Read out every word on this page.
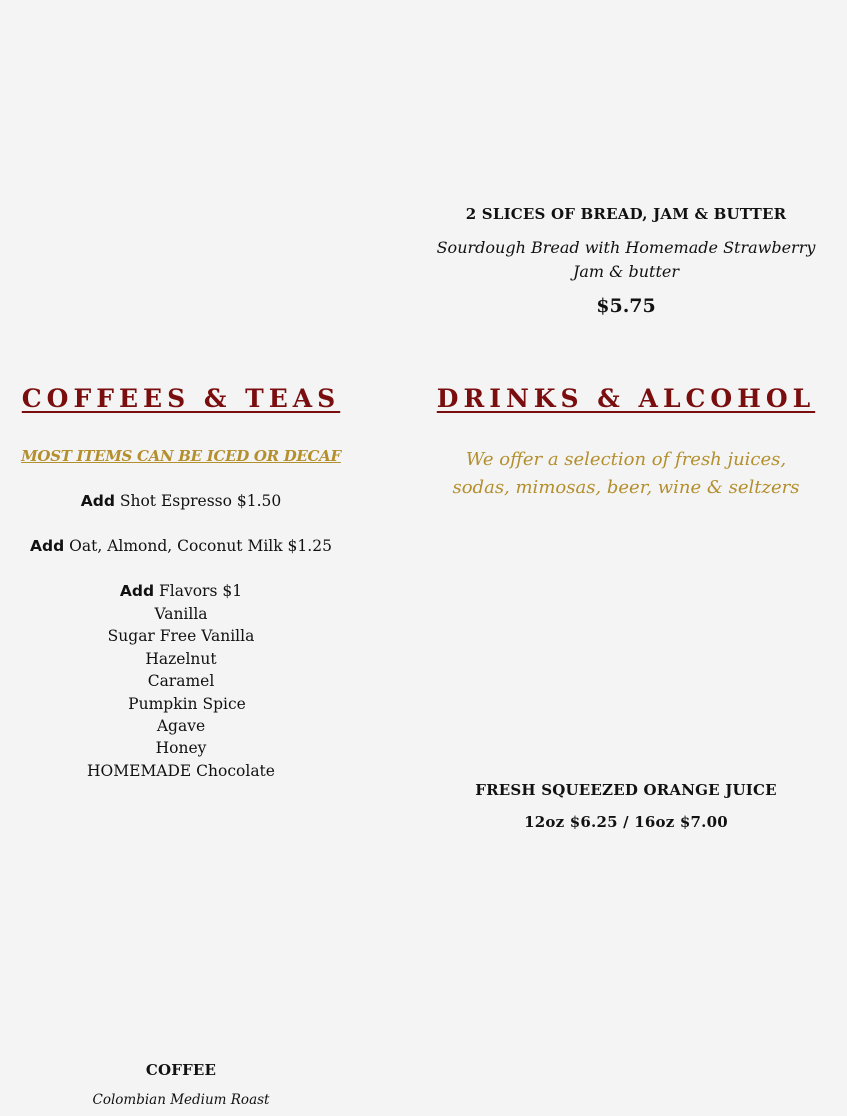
2 SLICES OF BREAD, JAM & BUTTER
Sourdough Bread with Homemade Strawberry Jam & butter
$5.75
COFFEES & TEAS
MOST ITEMS CAN BE ICED OR DECAF
Add Shot Espresso $1.50
Add Oat, Almond, Coconut Milk $1.25
Add Flavors $1
Vanilla
Sugar Free Vanilla
Hazelnut
Caramel
Pumpkin Spice
Agave
Honey
HOMEMADE Chocolate
COFFEE
Colombian Medium Roast
DRINKS & ALCOHOL
We offer a selection of fresh juices, sodas, mimosas, beer, wine & seltzers
FRESH SQUEEZED ORANGE JUICE
12oz $6.25 / 16oz $7.00
